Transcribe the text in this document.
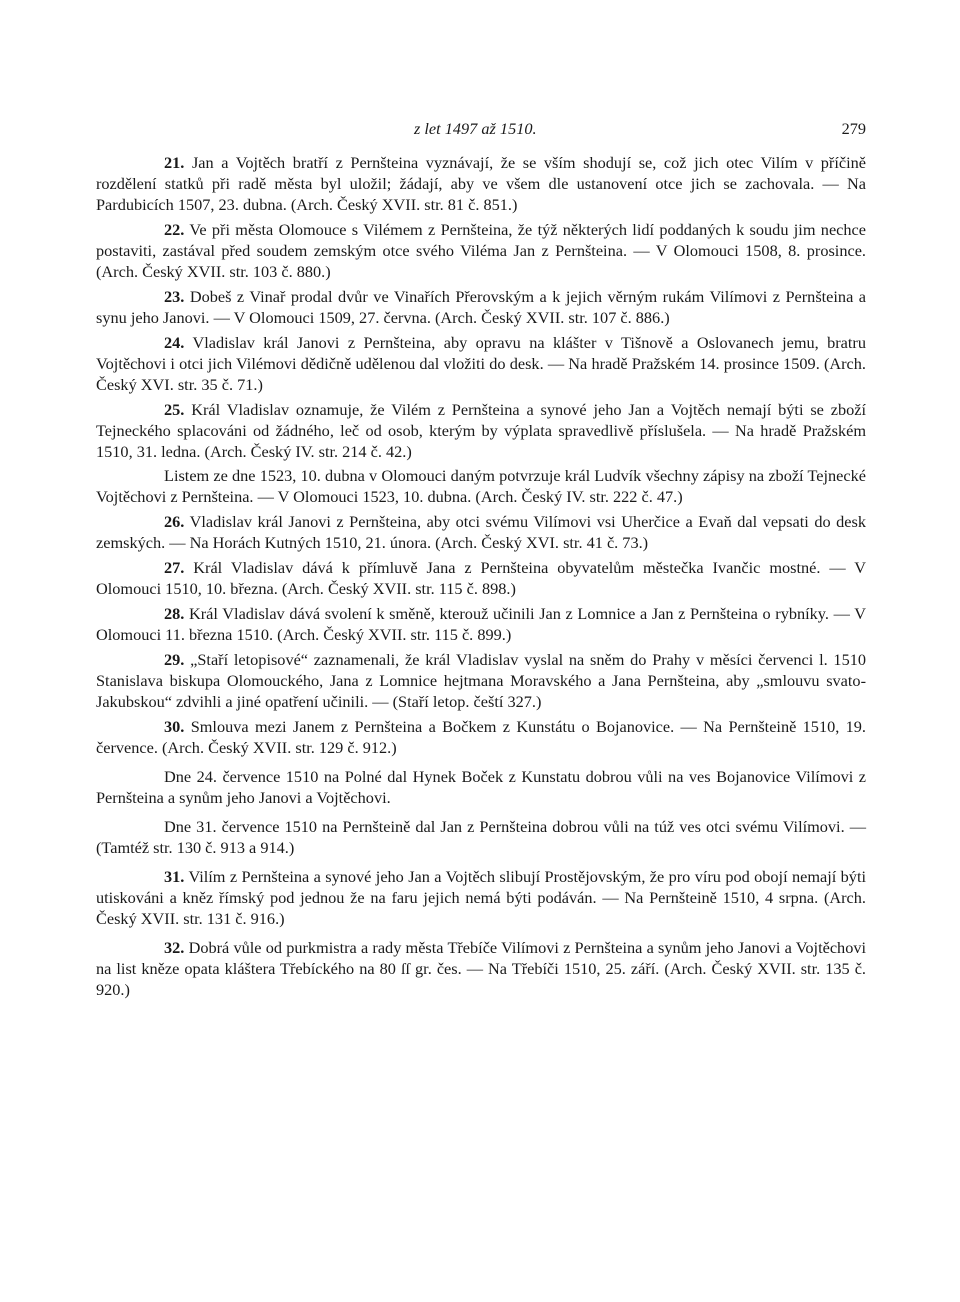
z let 1497 až 1510.	279

21. Jan a Vojtěch bratří z Pernšteina vyznávají, že se vším shodují se, což jich otec Vilím v příčině rozdělení statků při radě města byl uložil; žádají, aby ve všem dle ustanovení otce jich se zachovala. — Na Pardubicích 1507, 23. dubna. (Arch. Český XVII. str. 81 č. 851.)

22. Ve při města Olomouce s Vilémem z Pernšteina, že týž některých lidí poddaných k soudu jim nechce postaviti, zastával před soudem zemským otce svého Viléma Jan z Pernšteina. — V Olomouci 1508, 8. prosince. (Arch. Český XVII. str. 103 č. 880.)

23. Dobeš z Vinař prodal dvůr ve Vinařích Přerovským a k jejich věrným rukám Vilímovi z Pernšteina a synu jeho Janovi. — V Olomouci 1509, 27. června. (Arch. Český XVII. str. 107 č. 886.)

24. Vladislav král Janovi z Pernšteina, aby opravu na klášter v Tišnově a Oslovanech jemu, bratru Vojtěchovi i otci jich Vilémovi dědičně udělenou dal vložiti do desk. — Na hradě Pražském 14. prosince 1509. (Arch. Český XVI. str. 35 č. 71.)

25. Král Vladislav oznamuje, že Vilém z Pernšteina a synové jeho Jan a Vojtěch nemají býti se zboží Tejneckého splacováni od žádného, leč od osob, kterým by výplata spravedlivě příslušela. — Na hradě Pražském 1510, 31. ledna. (Arch. Český IV. str. 214 č. 42.)

Listem ze dne 1523, 10. dubna v Olomouci daným potvrzuje král Ludvík všechny zápisy na zboží Tejnecké Vojtěchovi z Pernšteina. — V Olomouci 1523, 10. dubna. (Arch. Český IV. str. 222 č. 47.)

26. Vladislav král Janovi z Pernšteina, aby otci svému Vilímovi vsi Uherčice a Evaň dal vepsati do desk zemských. — Na Horách Kutných 1510, 21. února. (Arch. Český XVI. str. 41 č. 73.)

27. Král Vladislav dává k přímluvě Jana z Pernšteina obyvatelům městečka Ivančic mostné. — V Olomouci 1510, 10. března. (Arch. Český XVII. str. 115 č. 898.)

28. Král Vladislav dává svolení k směně, kterouž učinili Jan z Lomnice a Jan z Pernšteina o rybníky. — V Olomouci 11. března 1510. (Arch. Český XVII. str. 115 č. 899.)

29. „Staří letopisové“ zaznamenali, že král Vladislav vyslal na sněm do Prahy v měsíci červenci l. 1510 Stanislava biskupa Olomouckého, Jana z Lomnice hejtmana Moravského a Jana Pernšteina, aby „smlouvu svato-Jakubskou“ zdvihli a jiné opatření učinili. — (Staří letop. čeští 327.)

30. Smlouva mezi Janem z Pernšteina a Bočkem z Kunstátu o Bojanovice. — Na Pernšteině 1510, 19. července. (Arch. Český XVII. str. 129 č. 912.)

Dne 24. července 1510 na Polné dal Hynek Boček z Kunstatu dobrou vůli na ves Bojanovice Vilímovi z Pernšteina a synům jeho Janovi a Vojtěchovi.

Dne 31. července 1510 na Pernšteině dal Jan z Pernšteina dobrou vůli na túž ves otci svému Vilímovi. — (Tamtéž str. 130 č. 913 a 914.)

31. Vilím z Pernšteina a synové jeho Jan a Vojtěch slibují Prostějovským, že pro víru pod obojí nemají býti utiskováni a kněz římský pod jednou že na faru jejich nemá býti podáván. — Na Pernšteině 1510, 4 srpna. (Arch. Český XVII. str. 131 č. 916.)

32. Dobrá vůle od purkmistra a rady města Třebíče Vilímovi z Pernšteina a synům jeho Janovi a Vojtěchovi na list kněze opata kláštera Třebíckého na 80 ſſ gr. čes. — Na Třebíči 1510, 25. září. (Arch. Český XVII. str. 135 č. 920.)
